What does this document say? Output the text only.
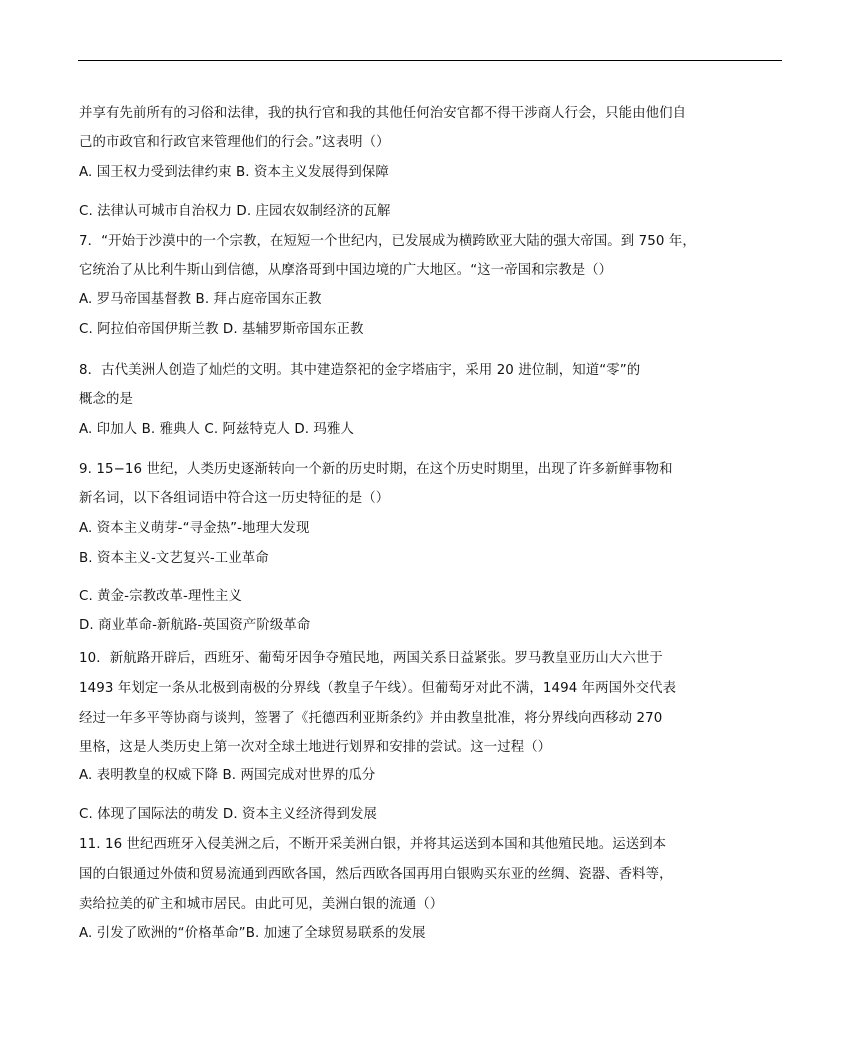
并享有先前所有的习俗和法律，我的执行官和我的其他任何治安官都不得干涉商人行会，只能由他们自
己的市政官和行政官来管理他们的行会。”这表明（）
A. 国王权力受到法律约束 B. 资本主义发展得到保障
C. 法律认可城市自治权力 D. 庄园农奴制经济的瓦解
7．“开始于沙漠中的一个宗教，在短短一个世纪内，已发展成为横跨欧亚大陆的强大帝国。到 750 年，
它统治了从比利牛斯山到信德，从摩洛哥到中国边境的广大地区。“这一帝国和宗教是（）
A. 罗马帝国基督教 B. 拜占庭帝国东正教
C. 阿拉伯帝国伊斯兰教 D. 基辅罗斯帝国东正教
8．古代美洲人创造了灿烂的文明。其中建造祭祀的金字塔庙宇，采用 20 进位制，知道“零”的
概念的是
A. 印加人 B. 雅典人 C. 阿兹特克人 D. 玛雅人
9. 15−16 世纪，人类历史逐渐转向一个新的历史时期，在这个历史时期里，出现了许多新鲜事物和
新名词，以下各组词语中符合这一历史特征的是（）
A. 资本主义萌芽-“寻金热”-地理大发现
B. 资本主义-文艺复兴-工业革命
C. 黄金-宗教改革-理性主义
D. 商业革命-新航路-英国资产阶级革命
10．新航路开辟后，西班牙、葡萄牙因争夺殖民地，两国关系日益紧张。罗马教皇亚历山大六世于
1493 年划定一条从北极到南极的分界线（教皇子午线）。但葡萄牙对此不满，1494 年两国外交代表
经过一年多平等协商与谈判，签署了《托德西利亚斯条约》并由教皇批准，将分界线向西移动 270
里格，这是人类历史上第一次对全球土地进行划界和安排的尝试。这一过程（）
A. 表明教皇的权威下降 B. 两国完成对世界的瓜分
C. 体现了国际法的萌发 D. 资本主义经济得到发展
11. 16 世纪西班牙入侵美洲之后，不断开采美洲白银，并将其运送到本国和其他殖民地。运送到本
国的白银通过外债和贸易流通到西欧各国，然后西欧各国再用白银购买东亚的丝绸、瓷器、香料等，
卖给拉美的矿主和城市居民。由此可见，美洲白银的流通（）
A. 引发了欧洲的“价格革命”B. 加速了全球贸易联系的发展
